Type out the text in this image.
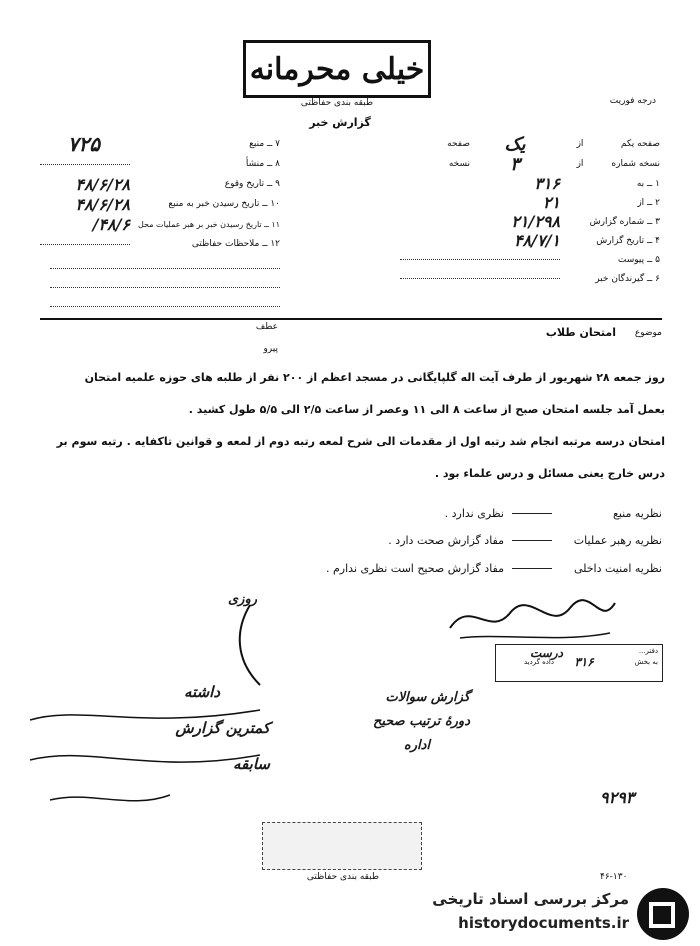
خیلی محرمانه
طبقه بندی حفاظتی
گزارش خبر
درجه فوریت
۷ ــ منبع
۷۲۵
۸ ــ منشأ
۹ ــ تاریخ وقوع
۴۸/۶/۲۸
۱۰ ــ تاریخ رسیدن خبر به منبع
۴۸/۶/۲۸
۱۱ ــ تاریخ رسیدن خبر بر هبر عملیات محل
۴۸/۶/
۱۲ ــ ملاحظات حفاظتی
صفحه یکم
از
یک
صفحه
نسخه شماره
از
۳
نسخه
۱ ــ به
۳۱۶
۲ ــ از
۲۱
۳ ــ شماره گزارش
۲۱/۲۹۸
۴ ــ تاریخ گزارش
۴۸/۷/۱
۵ ــ پیوست
۶ ــ گیرندگان خبر
موضوع
امتحان طلاب
عطف
پیرو
روز جمعه ۲۸ شهریور از طرف آیت اله گلپایگانی در مسجد اعظم از ۲۰۰ نفر از طلبه های حوزه علمیه امتحان
بعمل آمد جلسه امتحان صبح از ساعت ۸ الی ۱۱ وعصر از ساعت ۲/۵ الی ۵/۵ طول کشید .
امتحان درسه مرتبه انجام شد رتبه اول از مقدمات الی شرح لمعه رتبه دوم از لمعه و قوانین تاکفایه . رتبه سوم بر
درس خارج یعنی مسائل و درس علماء بود .
نظریه منبع
نظری ندارد .
نظریه رهبر عملیات
مفاد گزارش صحت دارد .
نظریه امنیت داخلی
مفاد گزارش صحیح است نظری ندارم .
روزی
دفتر...
به بخش
۳۱۶
داده گردید
درست
گزارش سوالات
دورۀ ترتیب صحیح
اداره
داشته
کمترین گزارش
سابقه
۹۲۹۳
طبقه بندی حفاظتی	۴۶-۱۳۰
مرکز بررسی اسناد تاریخی
historydocuments.ir
